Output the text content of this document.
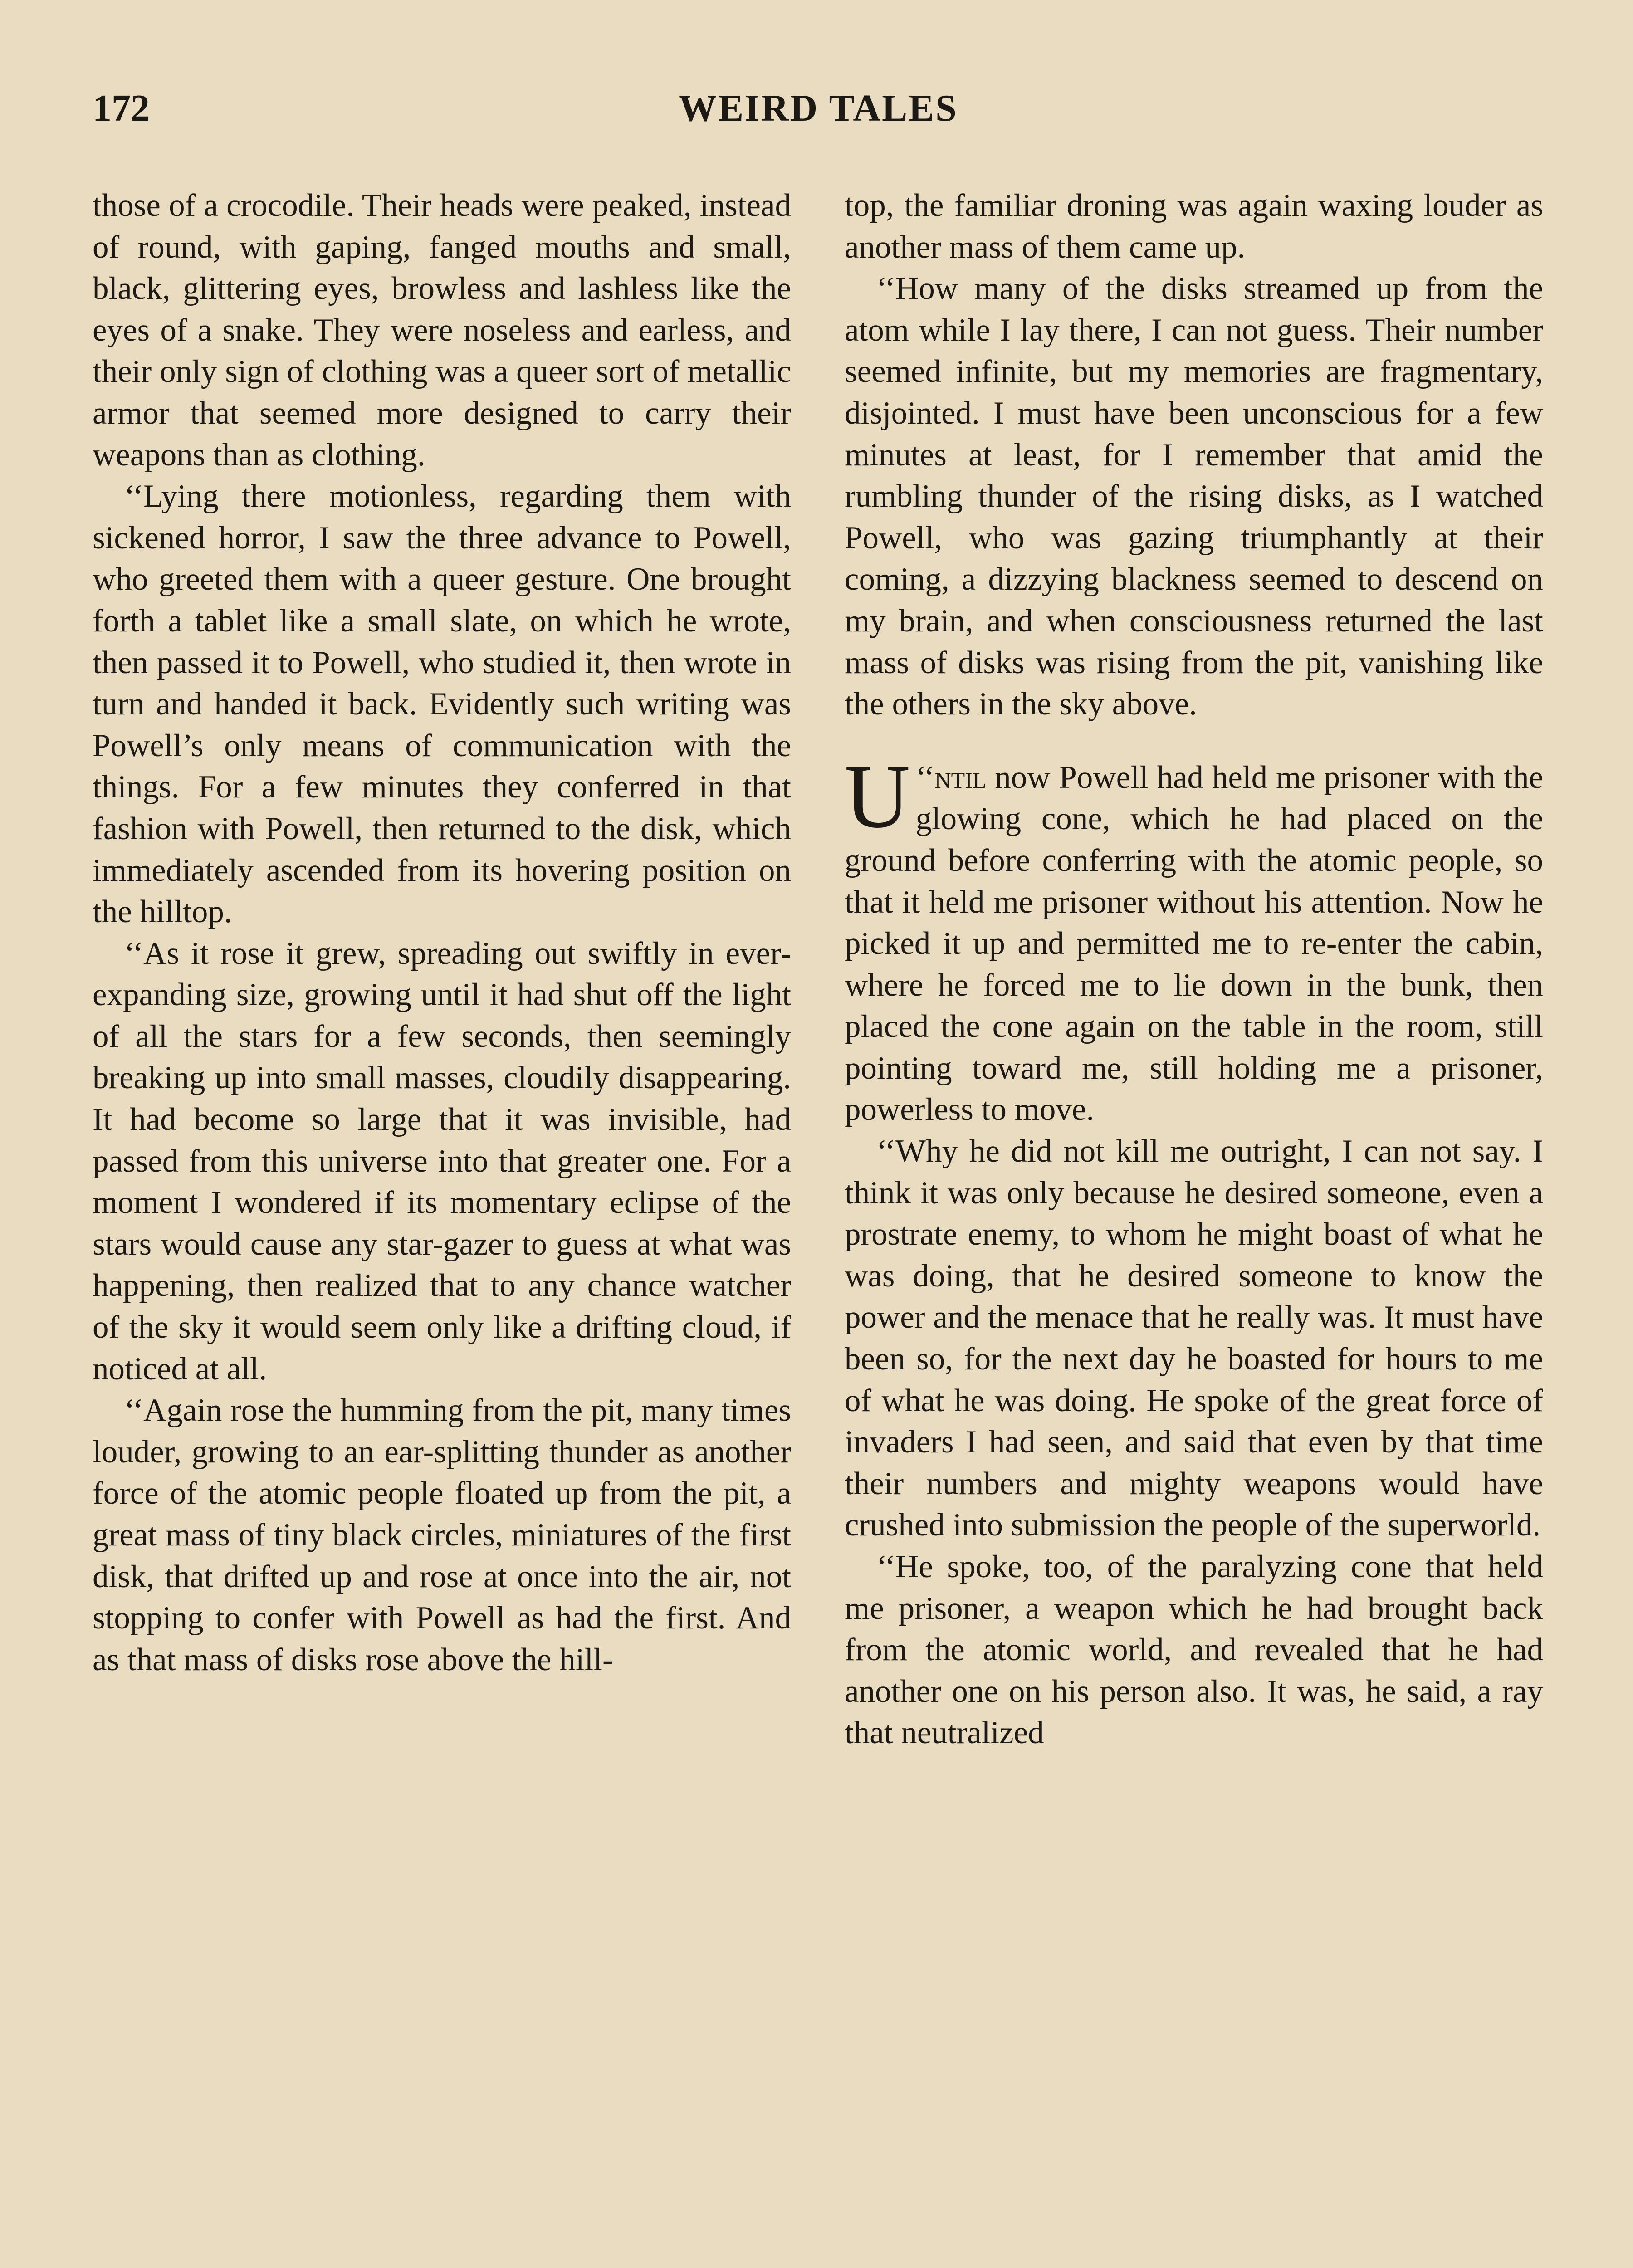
172	WEIRD TALES

those of a crocodile. Their heads were peaked, instead of round, with gaping, fanged mouths and small, black, glittering eyes, browless and lashless like the eyes of a snake. They were noseless and earless, and their only sign of clothing was a queer sort of metallic armor that seemed more designed to carry their weapons than as clothing.

‘‘Lying there motionless, regarding them with sickened horror, I saw the three advance to Powell, who greeted them with a queer gesture. One brought forth a tablet like a small slate, on which he wrote, then passed it to Powell, who studied it, then wrote in turn and handed it back. Evidently such writing was Powell’s only means of communication with the things. For a few minutes they conferred in that fashion with Powell, then returned to the disk, which immediately ascended from its hovering position on the hilltop.

‘‘As it rose it grew, spreading out swiftly in ever-expanding size, growing until it had shut off the light of all the stars for a few seconds, then seemingly breaking up into small masses, cloudily disappearing. It had become so large that it was invisible, had passed from this universe into that greater one. For a moment I wondered if its momentary eclipse of the stars would cause any star-gazer to guess at what was happening, then realized that to any chance watcher of the sky it would seem only like a drifting cloud, if noticed at all.

‘‘Again rose the humming from the pit, many times louder, growing to an ear-splitting thunder as another force of the atomic people floated up from the pit, a great mass of tiny black circles, miniatures of the first disk, that drifted up and rose at once into the air, not stopping to confer with Powell as had the first. And as that mass of disks rose above the hill-

top, the familiar droning was again waxing louder as another mass of them came up.

‘‘How many of the disks streamed up from the atom while I lay there, I can not guess. Their number seemed infinite, but my memories are fragmentary, disjointed. I must have been unconscious for a few minutes at least, for I remember that amid the rumbling thunder of the rising disks, as I watched Powell, who was gazing triumphantly at their coming, a dizzying blackness seemed to descend on my brain, and when consciousness returned the last mass of disks was rising from the pit, vanishing like the others in the sky above.

‘‘
U ntil now Powell had held me prisoner with the glowing cone, which he had placed on the ground before conferring with the atomic people, so that it held me prisoner without his attention. Now he picked it up and permitted me to re-enter the cabin, where he forced me to lie down in the bunk, then placed the cone again on the table in the room, still pointing toward me, still holding me a prisoner, powerless to move.

‘‘Why he did not kill me outright, I can not say. I think it was only because he desired someone, even a prostrate enemy, to whom he might boast of what he was doing, that he desired someone to know the power and the menace that he really was. It must have been so, for the next day he boasted for hours to me of what he was doing. He spoke of the great force of invaders I had seen, and said that even by that time their numbers and mighty weapons would have crushed into submission the people of the superworld.

‘‘He spoke, too, of the paralyzing cone that held me prisoner, a weapon which he had brought back from the atomic world, and revealed that he had another one on his person also. It was, he said, a ray that neutralized
